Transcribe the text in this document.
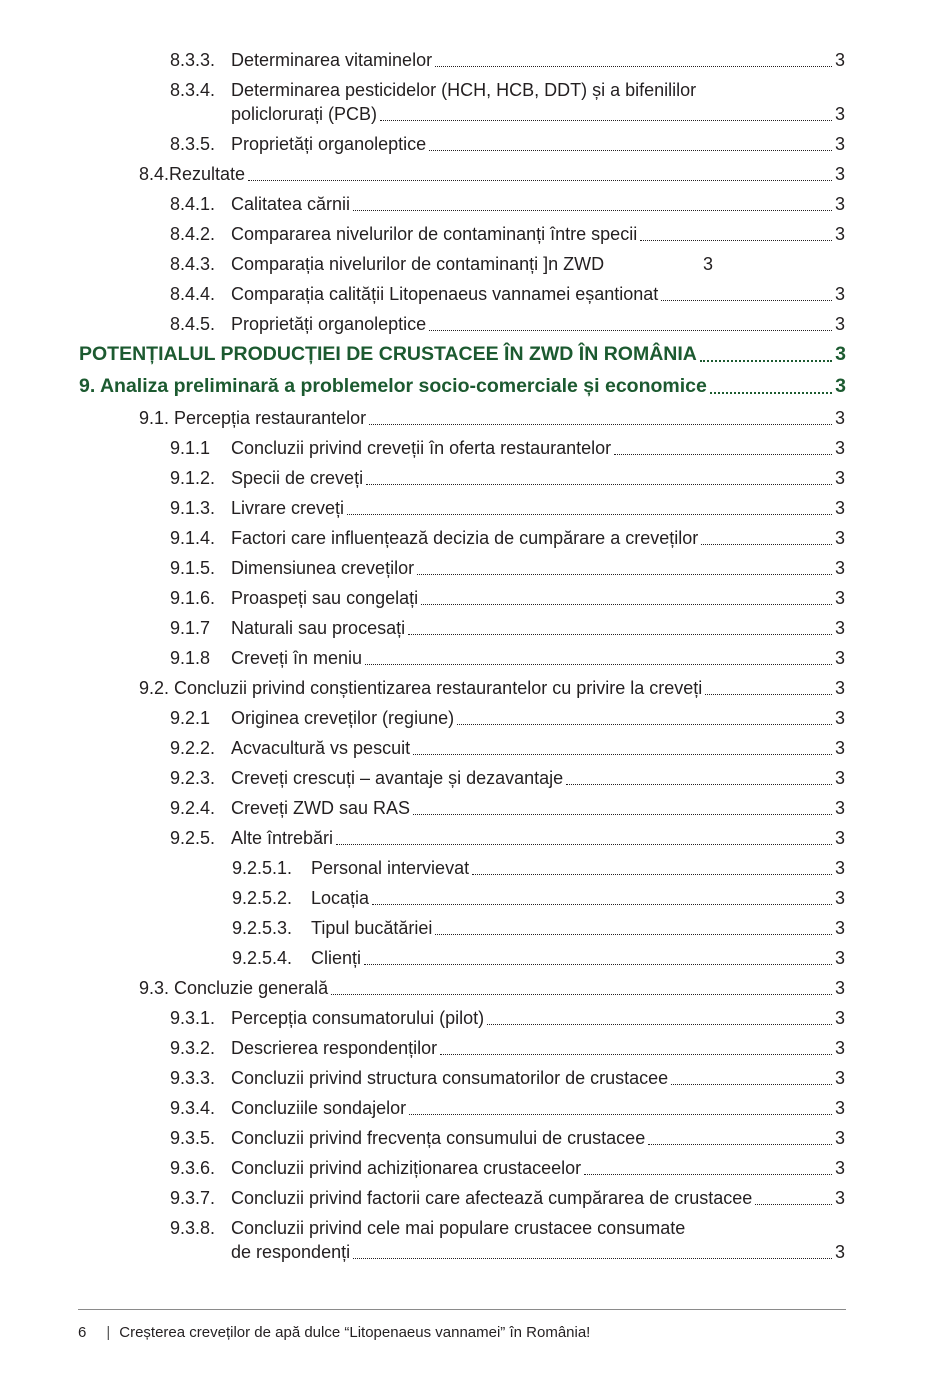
8.3.3. Determinarea vitaminelor	3
8.3.4. Determinarea pesticidelor (HCH, HCB, DDT) și a bifenililor policlorurați (PCB)	3
8.3.5. Proprietăți organoleptice	3
8.4.Rezultate	3
8.4.1. Calitatea cărnii	3
8.4.2. Compararea nivelurilor de contaminanți între specii	3
8.4.3. Comparația nivelurilor de contaminanți ]n ZWD	3
8.4.4. Comparația calității Litopenaeus vannamei eșantionat	3
8.4.5. Proprietăți organoleptice	3
POTENȚIALUL PRODUCȚIEI DE CRUSTACEE ÎN ZWD ÎN ROMÂNIA	3
9. Analiza preliminară a problemelor socio-comerciale și economice	3
9.1. Percepția restaurantelor	3
9.1.1 Concluzii privind creveții în oferta restaurantelor	3
9.1.2. Specii de creveți	3
9.1.3. Livrare creveți	3
9.1.4. Factori care influențează decizia de cumpărare a creveților	3
9.1.5. Dimensiunea creveților	3
9.1.6. Proaspeți sau congelați	3
9.1.7 Naturali sau procesați	3
9.1.8 Creveți în meniu	3
9.2. Concluzii privind conștientizarea restaurantelor cu privire la creveți	3
9.2.1 Originea creveților (regiune)	3
9.2.2. Acvacultură vs pescuit	3
9.2.3. Creveți crescuți – avantaje și dezavantaje	3
9.2.4. Creveți ZWD sau RAS	3
9.2.5. Alte întrebări	3
9.2.5.1. Personal intervievat	3
9.2.5.2. Locația	3
9.2.5.3. Tipul bucătăriei	3
9.2.5.4. Clienți	3
9.3. Concluzie generală	3
9.3.1. Percepția consumatorului (pilot)	3
9.3.2. Descrierea respondenților	3
9.3.3. Concluzii privind structura consumatorilor de crustacee	3
9.3.4. Concluziile sondajelor	3
9.3.5. Concluzii privind frecvența consumului de crustacee	3
9.3.6. Concluzii privind achiziționarea crustaceelor	3
9.3.7. Concluzii privind factorii care afectează cumpărarea de crustacee	3
9.3.8. Concluzii privind cele mai populare crustacee consumate de respondenți	3
6 | Creșterea creveților de apă dulce “Litopenaeus vannamei” în România!
